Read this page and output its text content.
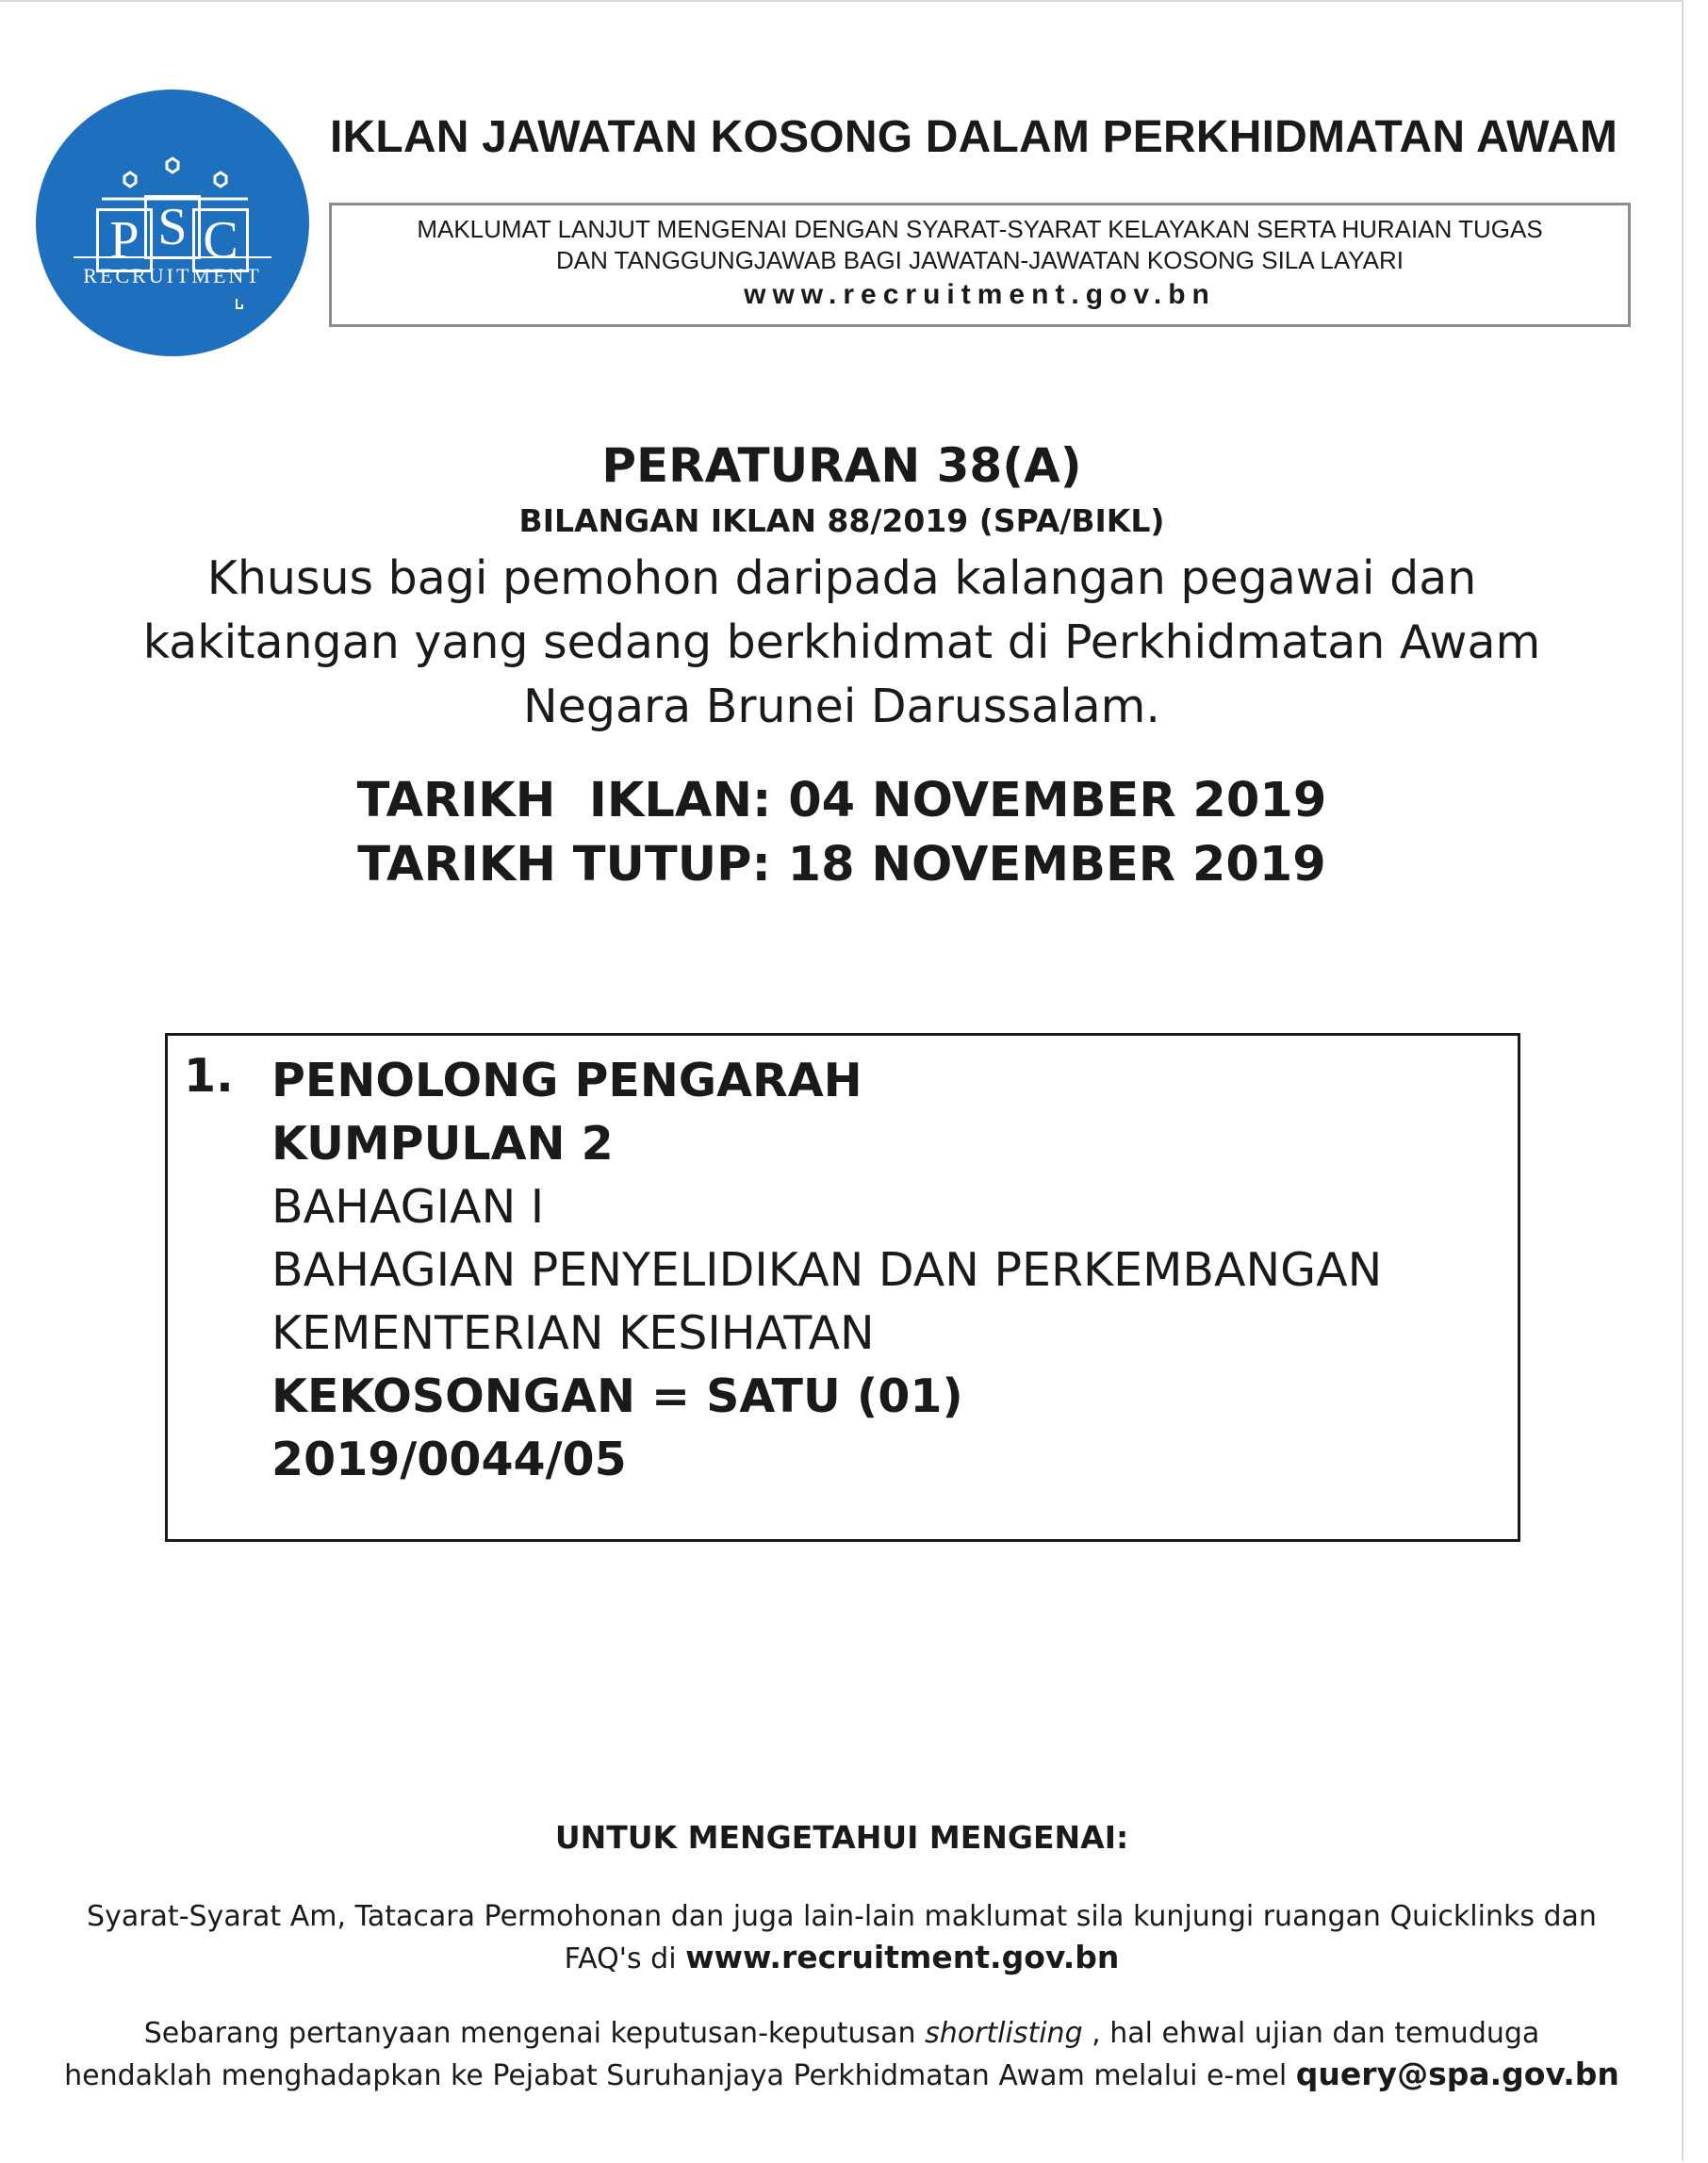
P S C
RECRUITMENT
IKLAN JAWATAN KOSONG DALAM PERKHIDMATAN AWAM
MAKLUMAT LANJUT MENGENAI DENGAN SYARAT-SYARAT KELAYAKAN SERTA HURAIAN TUGAS
DAN TANGGUNGJAWAB BAGI JAWATAN-JAWATAN KOSONG SILA LAYARI
www.recruitment.gov.bn
PERATURAN 38(A)
BILANGAN IKLAN 88/2019 (SPA/BIKL)
Khusus bagi pemohon daripada kalangan pegawai dan
kakitangan yang sedang berkhidmat di Perkhidmatan Awam
Negara Brunei Darussalam.
TARIKH  IKLAN: 04 NOVEMBER 2019
TARIKH TUTUP: 18 NOVEMBER 2019
1. PENOLONG PENGARAH
KUMPULAN 2
BAHAGIAN I
BAHAGIAN PENYELIDIKAN DAN PERKEMBANGAN
KEMENTERIAN KESIHATAN
KEKOSONGAN = SATU (01)
2019/0044/05
UNTUK MENGETAHUI MENGENAI:
Syarat-Syarat Am, Tatacara Permohonan dan juga lain-lain maklumat sila kunjungi ruangan Quicklinks dan
FAQ's di www.recruitment.gov.bn
Sebarang pertanyaan mengenai keputusan-keputusan shortlisting , hal ehwal ujian dan temuduga
hendaklah menghadapkan ke Pejabat Suruhanjaya Perkhidmatan Awam melalui e-mel query@spa.gov.bn
